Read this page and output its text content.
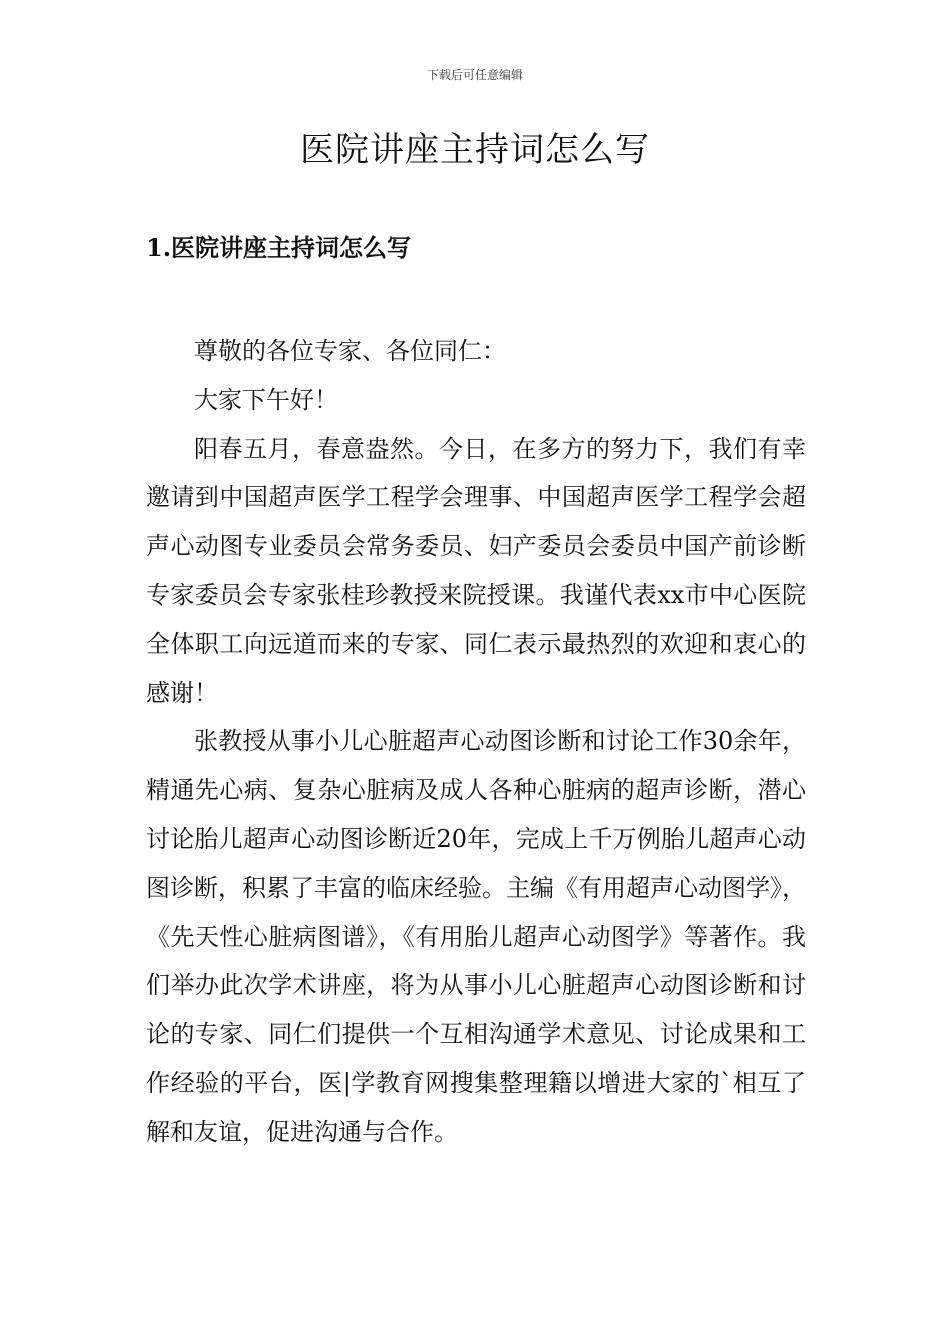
下载后可任意编辑
医院讲座主持词怎么写
1.医院讲座主持词怎么写

尊敬的各位专家、各位同仁：

大家下午好！

阳春五月，春意盎然。今日，在多方的努力下，我们有幸邀请到中国超声医学工程学会理事、中国超声医学工程学会超声心动图专业委员会常务委员、妇产委员会委员中国产前诊断专家委员会专家张桂珍教授来院授课。我谨代表xx市中心医院全体职工向远道而来的专家、同仁表示最热烈的欢迎和衷心的感谢！

张教授从事小儿心脏超声心动图诊断和讨论工作30余年，精通先心病、复杂心脏病及成人各种心脏病的超声诊断，潜心讨论胎儿超声心动图诊断近20年，完成上千万例胎儿超声心动图诊断，积累了丰富的临床经验。主编《有用超声心动图学》，《先天性心脏病图谱》，《有用胎儿超声心动图学》等著作。我们举办此次学术讲座，将为从事小儿心脏超声心动图诊断和讨论的专家、同仁们提供一个互相沟通学术意见、讨论成果和工作经验的平台，医|学教育网搜集整理籍以增进大家的`相互了解和友谊，促进沟通与合作。
